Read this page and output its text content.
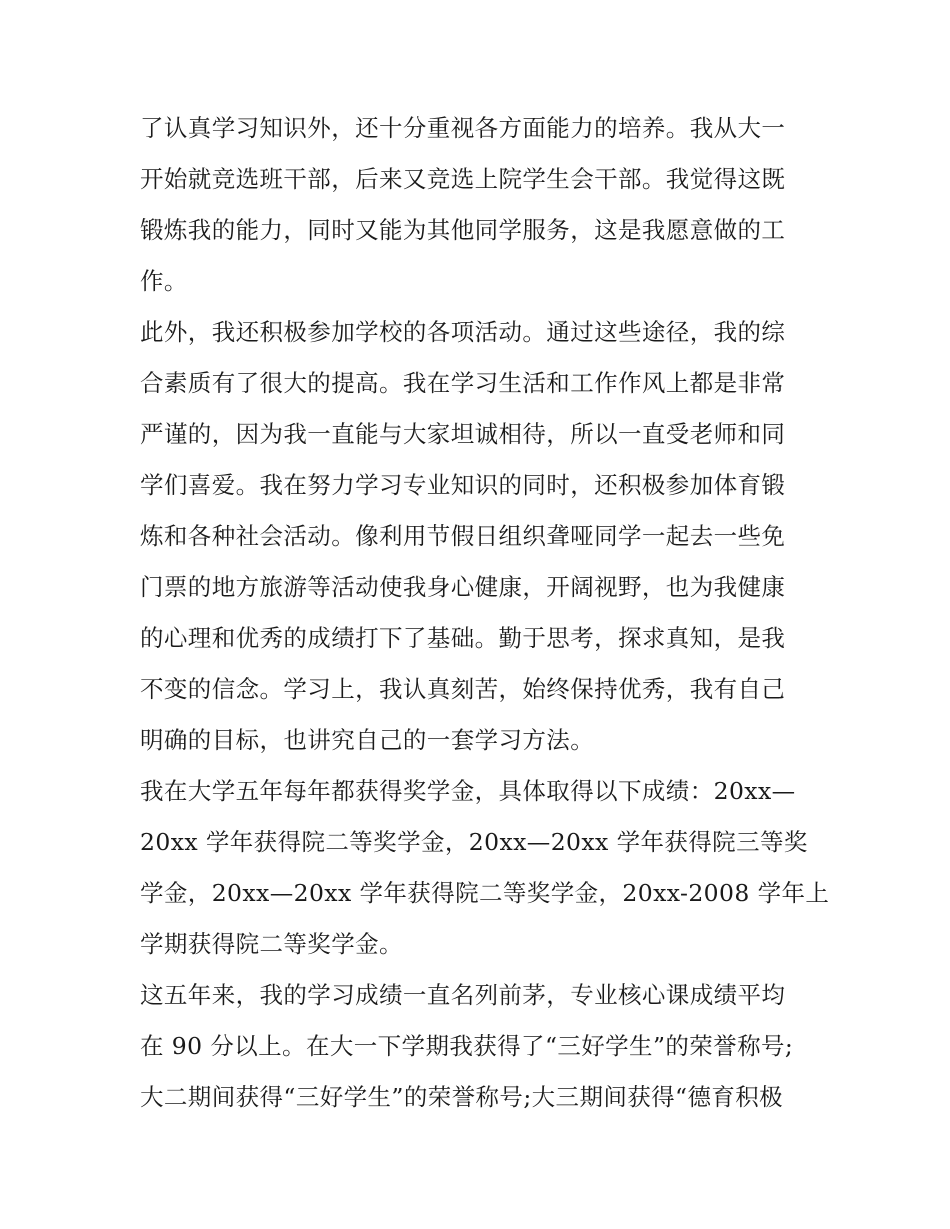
了认真学习知识外，还十分重视各方面能力的培养。我从大一
开始就竞选班干部，后来又竞选上院学生会干部。我觉得这既
锻炼我的能力，同时又能为其他同学服务，这是我愿意做的工
作。
此外，我还积极参加学校的各项活动。通过这些途径，我的综
合素质有了很大的提高。我在学习生活和工作作风上都是非常
严谨的，因为我一直能与大家坦诚相待，所以一直受老师和同
学们喜爱。我在努力学习专业知识的同时，还积极参加体育锻
炼和各种社会活动。像利用节假日组织聋哑同学一起去一些免
门票的地方旅游等活动使我身心健康，开阔视野，也为我健康
的心理和优秀的成绩打下了基础。勤于思考，探求真知，是我
不变的信念。学习上，我认真刻苦，始终保持优秀，我有自己
明确的目标，也讲究自己的一套学习方法。
我在大学五年每年都获得奖学金，具体取得以下成绩：20xx—
20xx 学年获得院二等奖学金，20xx—20xx 学年获得院三等奖
学金，20xx—20xx 学年获得院二等奖学金，20xx-2008 学年上
学期获得院二等奖学金。
这五年来，我的学习成绩一直名列前茅，专业核心课成绩平均
在 90 分以上。在大一下学期我获得了“三好学生”的荣誉称号;
大二期间获得“三好学生”的荣誉称号;大三期间获得“德育积极
